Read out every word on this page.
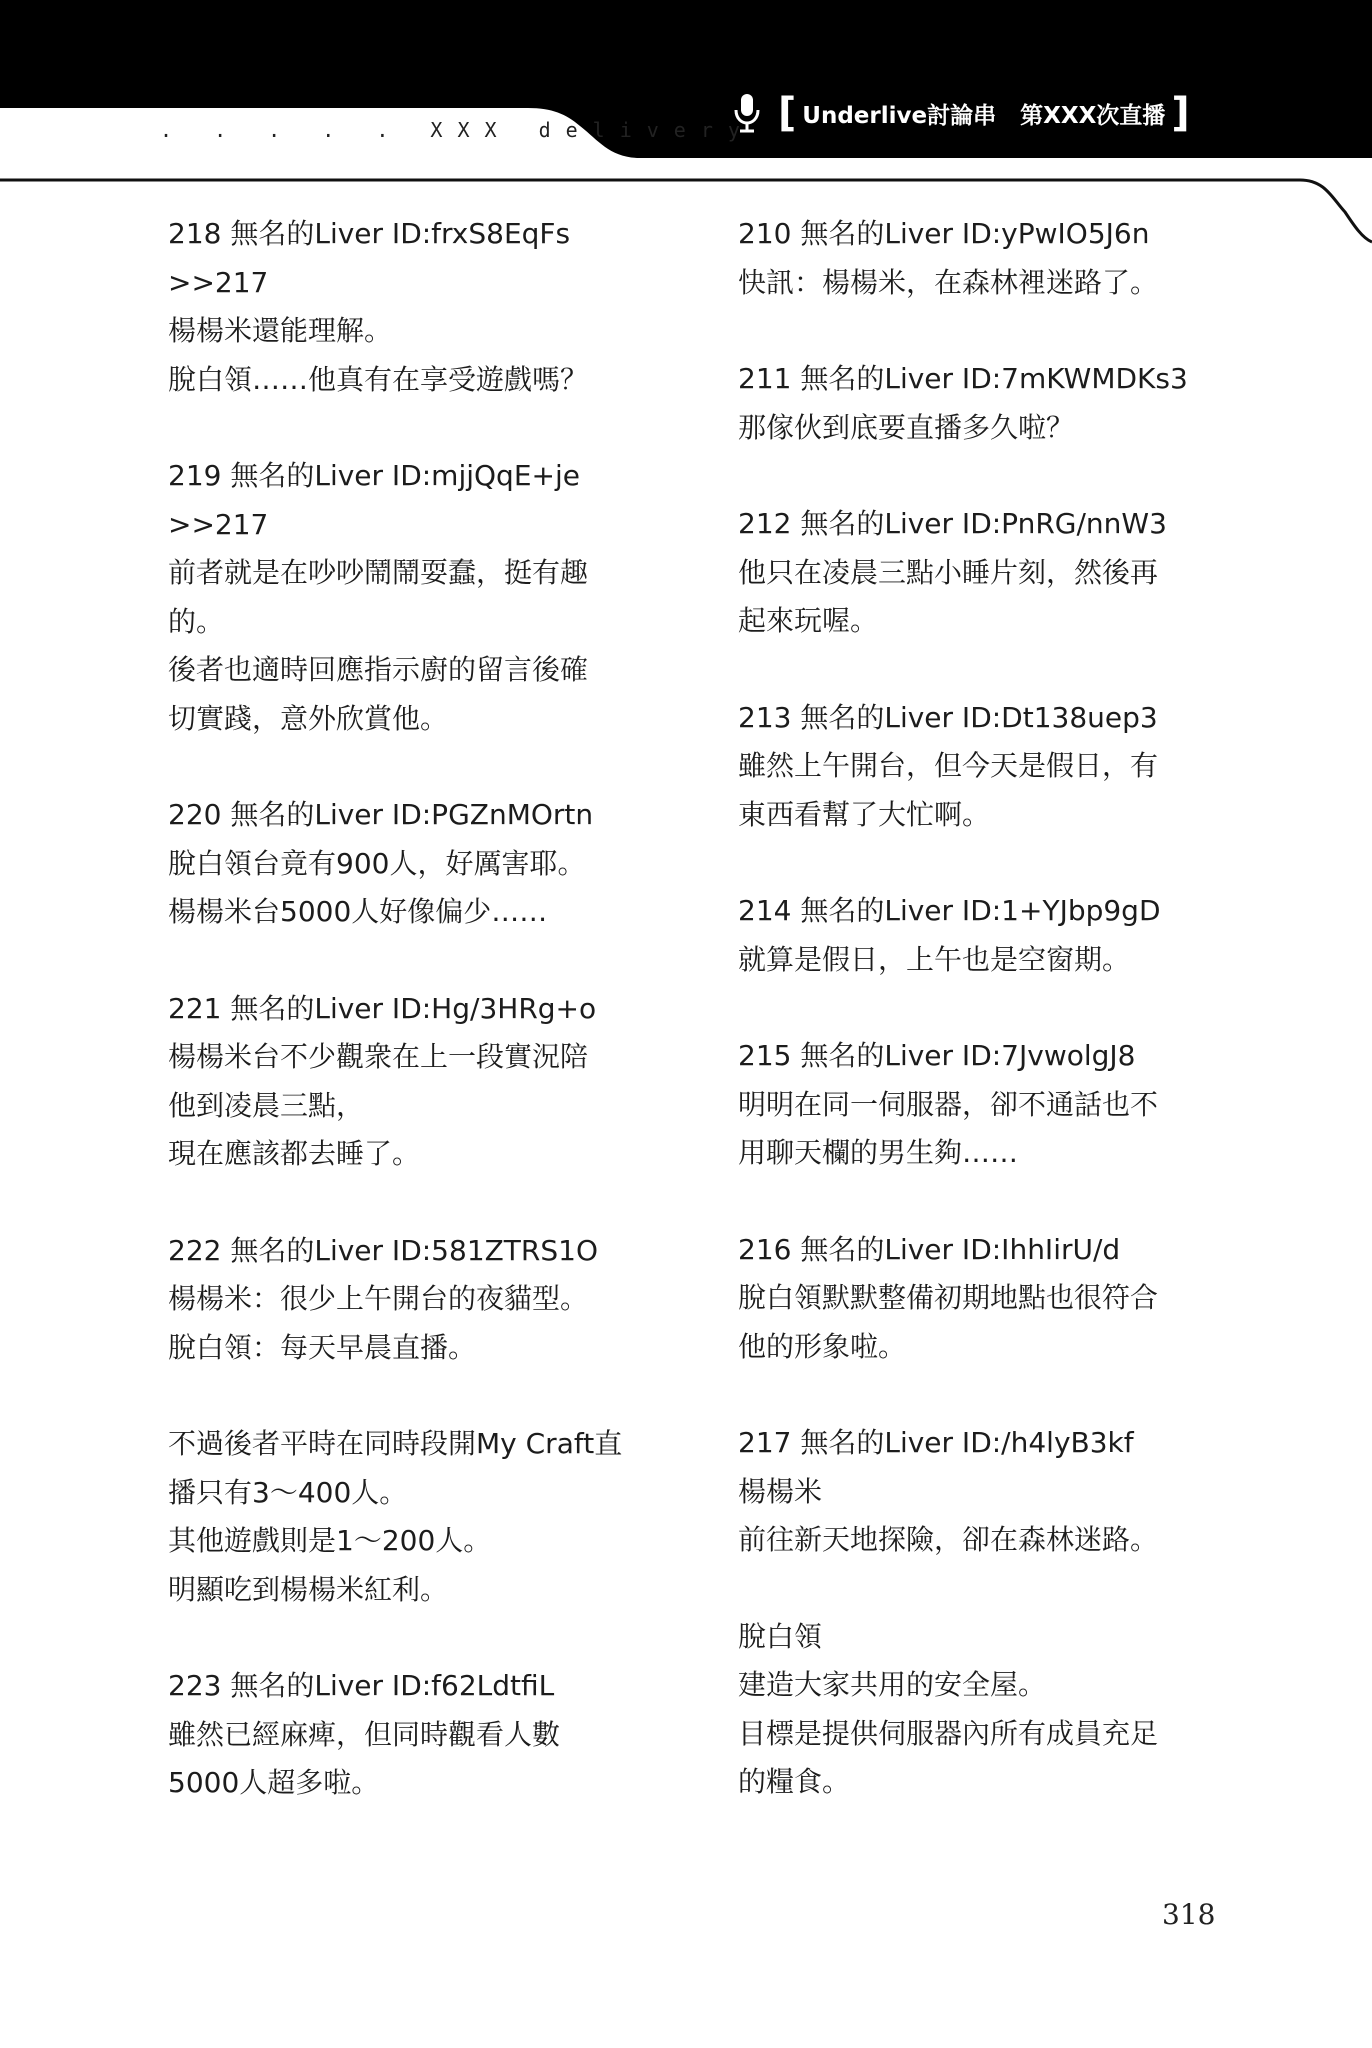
. . . . . XXX delivery [ Underlive討論串 第XXX次直播 ]
218 無名的Liver ID:frxS8EqFs
>>217
楊楊米還能理解。
脫白領……他真有在享受遊戲嗎？
219 無名的Liver ID:mjjQqE+je
>>217
前者就是在吵吵鬧鬧耍蠢，挺有趣
的。
後者也適時回應指示廚的留言後確
切實踐，意外欣賞他。
220 無名的Liver ID:PGZnMOrtn
脫白領台竟有900人，好厲害耶。
楊楊米台5000人好像偏少……
221 無名的Liver ID:Hg/3HRg+o
楊楊米台不少觀衆在上一段實況陪
他到凌晨三點，
現在應該都去睡了。
222 無名的Liver ID:581ZTRS1O
楊楊米：很少上午開台的夜貓型。
脫白領：每天早晨直播。
不過後者平時在同時段開My Craft直
播只有3～400人。
其他遊戲則是1～200人。
明顯吃到楊楊米紅利。
223 無名的Liver ID:f62LdtfiL
雖然已經麻痺，但同時觀看人數
5000人超多啦。
210 無名的Liver ID:yPwIO5J6n
快訊：楊楊米，在森林裡迷路了。
211 無名的Liver ID:7mKWMDKs3
那傢伙到底要直播多久啦？
212 無名的Liver ID:PnRG/nnW3
他只在凌晨三點小睡片刻，然後再
起來玩喔。
213 無名的Liver ID:Dt138uep3
雖然上午開台，但今天是假日，有
東西看幫了大忙啊。
214 無名的Liver ID:1+YJbp9gD
就算是假日，上午也是空窗期。
215 無名的Liver ID:7JvwolgJ8
明明在同一伺服器，卻不通話也不
用聊天欄的男生夠……
216 無名的Liver ID:IhhIirU/d
脫白領默默整備初期地點也很符合
他的形象啦。
217 無名的Liver ID:/h4lyB3kf
楊楊米
前往新天地探險，卻在森林迷路。
脫白領
建造大家共用的安全屋。
目標是提供伺服器內所有成員充足
的糧食。
318
